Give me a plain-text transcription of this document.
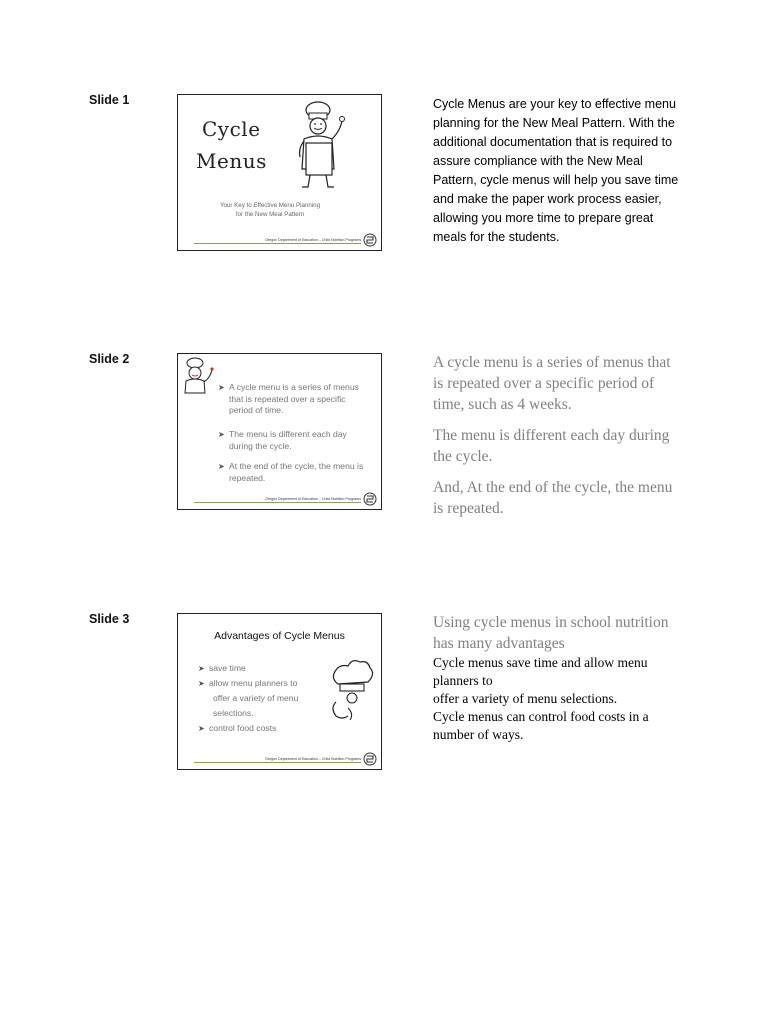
Slide 1
Cycle
Menus
Your Key to Effective Menu Planning
for the New Meal Pattern
Oregon Department of Education – Child Nutrition Programs
Cycle Menus are your key to effective menu planning for the New Meal Pattern. With the additional documentation that is required to assure compliance with the New Meal Pattern, cycle menus will help you save time and make the paper work process easier, allowing you more time to prepare great meals for the students.
Slide 2
➤ A cycle menu is a series of menus that is repeated over a specific period of time.
➤ The menu is different each day during the cycle.
➤ At the end of the cycle, the menu is repeated.
Oregon Department of Education – Child Nutrition Programs

A cycle menu is a series of menus that is repeated over a specific period of time, such as 4 weeks.

The menu is different each day during the cycle.

And, At the end of the cycle, the menu is repeated.

Slide 3
Advantages of Cycle Menus
➤ save time
➤ allow menu planners to
offer a variety of menu
selections.
➤ control food costs
Oregon Department of Education – Child Nutrition Programs

Using cycle menus in school nutrition has many advantages

Cycle menus save time and allow menu planners to

offer a variety of menu selections.

Cycle menus can control food costs in a number of ways.
